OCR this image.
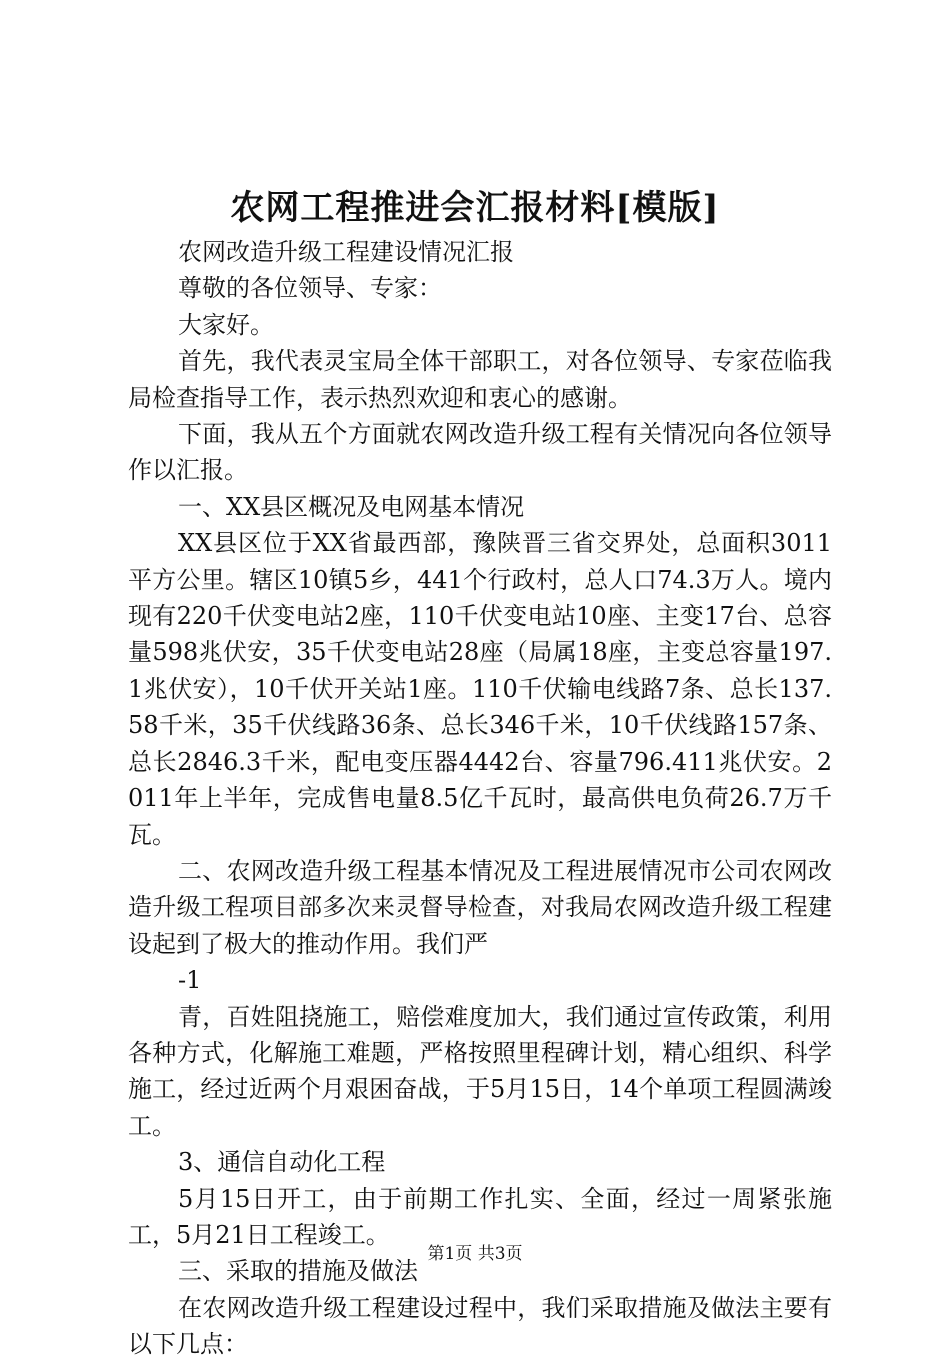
农网工程推进会汇报材料[模版]

农网改造升级工程建设情况汇报

尊敬的各位领导、专家：

大家好。

首先，我代表灵宝局全体干部职工，对各位领导、专家莅临我局检查指导工作，表示热烈欢迎和衷心的感谢。

下面，我从五个方面就农网改造升级工程有关情况向各位领导作以汇报。

一、XX县区概况及电网基本情况

XX县区位于XX省最西部，豫陕晋三省交界处，总面积3011平方公里。辖区10镇5乡，441个行政村，总人口74.3万人。境内现有220千伏变电站2座，110千伏变电站10座、主变17台、总容量598兆伏安，35千伏变电站28座（局属18座，主变总容量197.1兆伏安），10千伏开关站1座。110千伏输电线路7条、总长137.58千米，35千伏线路36条、总长346千米，10千伏线路157条、总长2846.3千米，配电变压器4442台、容量796.411兆伏安。2011年上半年，完成售电量8.5亿千瓦时，最高供电负荷26.7万千瓦。

二、农网改造升级工程基本情况及工程进展情况市公司农网改造升级工程项目部多次来灵督导检查，对我局农网改造升级工程建设起到了极大的推动作用。我们严

-1

青，百姓阻挠施工，赔偿难度加大，我们通过宣传政策，利用各种方式，化解施工难题，严格按照里程碑计划，精心组织、科学施工，经过近两个月艰困奋战，于5月15日，14个单项工程圆满竣工。

3、通信自动化工程

5月15日开工，由于前期工作扎实、全面，经过一周紧张施工，5月21日工程竣工。

三、采取的措施及做法

在农网改造升级工程建设过程中，我们采取措施及做法主要有以下几点：

第1页 共3页
